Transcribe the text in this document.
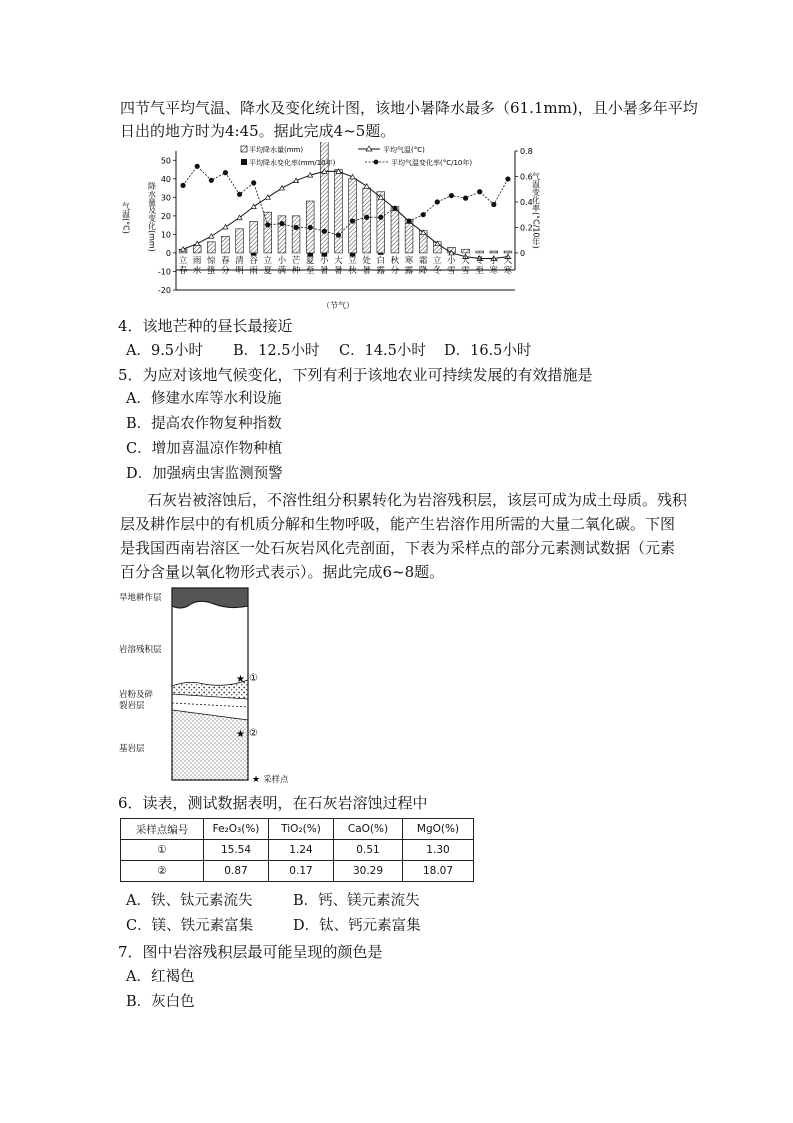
四节气平均气温、降水及变化统计图，该地小暑降水最多（61.1mm)，且小暑多年平均
日出的地方时为4:45。据此完成4~5题。
50
40
30
20
10
0
-10
-20
0.8
0.6
0.4
0.2
0
立春
雨水
惊蛰
春分
清明
谷雨
立夏
小满
芒种
夏至
小暑
大暑
立秋
处暑
白露
秋分
寒露
霜降
立冬
小雪
大雪
冬至
小寒
大寒
气温(°C) 降水量及变化(mm)	气温变化率(°C/10年)
（节气）
平均降水量(mm)	平均气温(°C)
平均降水变化率(mm/10年)	平均气温变化率(°C/10年)
4．该地芒种的昼长最接近
A．9.5小时 B．12.5小时 C．14.5小时 D．16.5小时
5．为应对该地气候变化，下列有利于该地农业可持续发展的有效措施是
A．修建水库等水利设施
B．提高农作物复种指数
C．增加喜温凉作物种植
D．加强病虫害监测预警
石灰岩被溶蚀后，不溶性组分积累转化为岩溶残积层，该层可成为成土母质。残积
层及耕作层中的有机质分解和生物呼吸，能产生岩溶作用所需的大量二氧化碳。下图
是我国西南岩溶区一处石灰岩风化壳剖面，下表为采样点的部分元素测试数据（元素
百分含量以氧化物形式表示）。据此完成6~8题。
旱地耕作层
岩溶残积层
岩粉及碎
裂岩层
基岩层
★ ①
★ ②
★ 采样点
6．读表，测试数据表明，在石灰岩溶蚀过程中
采样点编号	Fe₂O₃(%)	TiO₂(%)	CaO(%)	MgO(%)
①	15.54	1.24	0.51	1.30
②	0.87	0.17	30.29	18.07
A．铁、钛元素流失	B．钙、镁元素流失
C．镁、铁元素富集	D．钛、钙元素富集
7．图中岩溶残积层最可能呈现的颜色是
A．红褐色
B．灰白色
